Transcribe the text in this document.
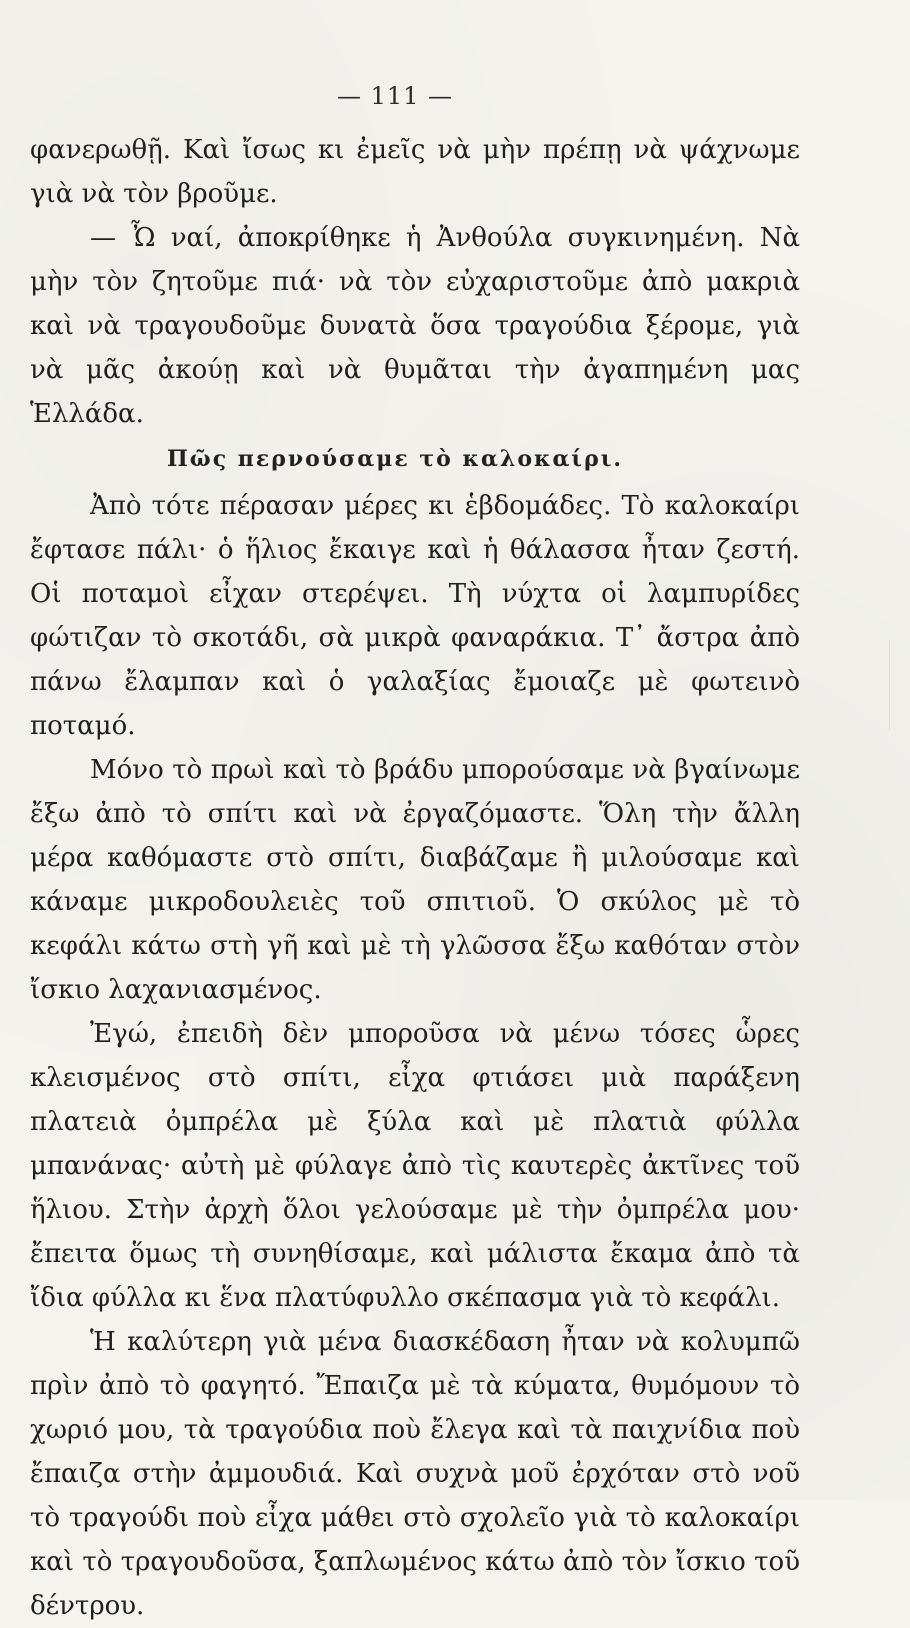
— 111 —

φανερωθῇ. Καὶ ἴσως κι ἐμεῖς νὰ μὴν πρέπῃ νὰ ψάχνωμε γιὰ νὰ τὸν βροῦμε.

— Ὦ ναί, ἀποκρίθηκε ἡ Ἀνθούλα συγκινημένη. Νὰ μὴν τὸν ζητοῦμε πιά· νὰ τὸν εὐχαριστοῦμε ἀπὸ μακριὰ καὶ νὰ τραγουδοῦμε δυνατὰ ὅσα τραγούδια ξέρομε, γιὰ νὰ μᾶς ἀκούῃ καὶ νὰ θυμᾶται τὴν ἀγαπημένη μας Ἑλλάδα.

Πῶς περνούσαμε τὸ καλοκαίρι.

Ἀπὸ τότε πέρασαν μέρες κι ἑβδομάδες. Τὸ καλοκαίρι ἔφτασε πάλι· ὁ ἥλιος ἔκαιγε καὶ ἡ θάλασσα ἦταν ζεστή. Οἱ ποταμοὶ εἶχαν στερέψει. Τὴ νύχτα οἱ λαμπυρίδες φώτιζαν τὸ σκοτάδι, σὰ μικρὰ φαναράκια. Τ᾽ ἄστρα ἀπὸ πάνω ἔλαμπαν καὶ ὁ γαλαξίας ἔμοιαζε μὲ φωτεινὸ ποταμό.

Μόνο τὸ πρωὶ καὶ τὸ βράδυ μπορούσαμε νὰ βγαίνωμε ἔξω ἀπὸ τὸ σπίτι καὶ νὰ ἐργαζόμαστε. Ὅλη τὴν ἄλλη μέρα καθόμαστε στὸ σπίτι, διαβάζαμε ἢ μιλούσαμε καὶ κάναμε μικροδουλειὲς τοῦ σπιτιοῦ. Ὁ σκύλος μὲ τὸ κεφάλι κάτω στὴ γῆ καὶ μὲ τὴ γλῶσσα ἔξω καθόταν στὸν ἴσκιο λαχανιασμένος.

Ἐγώ, ἐπειδὴ δὲν μποροῦσα νὰ μένω τόσες ὧρες κλεισμένος στὸ σπίτι, εἶχα φτιάσει μιὰ παράξενη πλατειὰ ὀμπρέλα μὲ ξύλα καὶ μὲ πλατιὰ φύλλα μπανάνας· αὐτὴ μὲ φύλαγε ἀπὸ τὶς καυτερὲς ἀκτῖνες τοῦ ἥλιου. Στὴν ἀρχὴ ὅλοι γελούσαμε μὲ τὴν ὀμπρέλα μου· ἔπειτα ὅμως τὴ συνηθίσαμε, καὶ μάλιστα ἔκαμα ἀπὸ τὰ ἴδια φύλλα κι ἕνα πλατύφυλλο σκέπασμα γιὰ τὸ κεφάλι.

Ἡ καλύτερη γιὰ μένα διασκέδαση ἦταν νὰ κολυμπῶ πρὶν ἀπὸ τὸ φαγητό. Ἔπαιζα μὲ τὰ κύματα, θυμόμουν τὸ χωριό μου, τὰ τραγούδια ποὺ ἔλεγα καὶ τὰ παιχνίδια ποὺ ἔπαιζα στὴν ἀμμουδιά. Καὶ συχνὰ μοῦ ἐρχόταν στὸ νοῦ τὸ τραγούδι ποὺ εἶχα μάθει στὸ σχολεῖο γιὰ τὸ καλοκαίρι καὶ τὸ τραγουδοῦσα, ξαπλωμένος κάτω ἀπὸ τὸν ἴσκιο τοῦ δέντρου.
